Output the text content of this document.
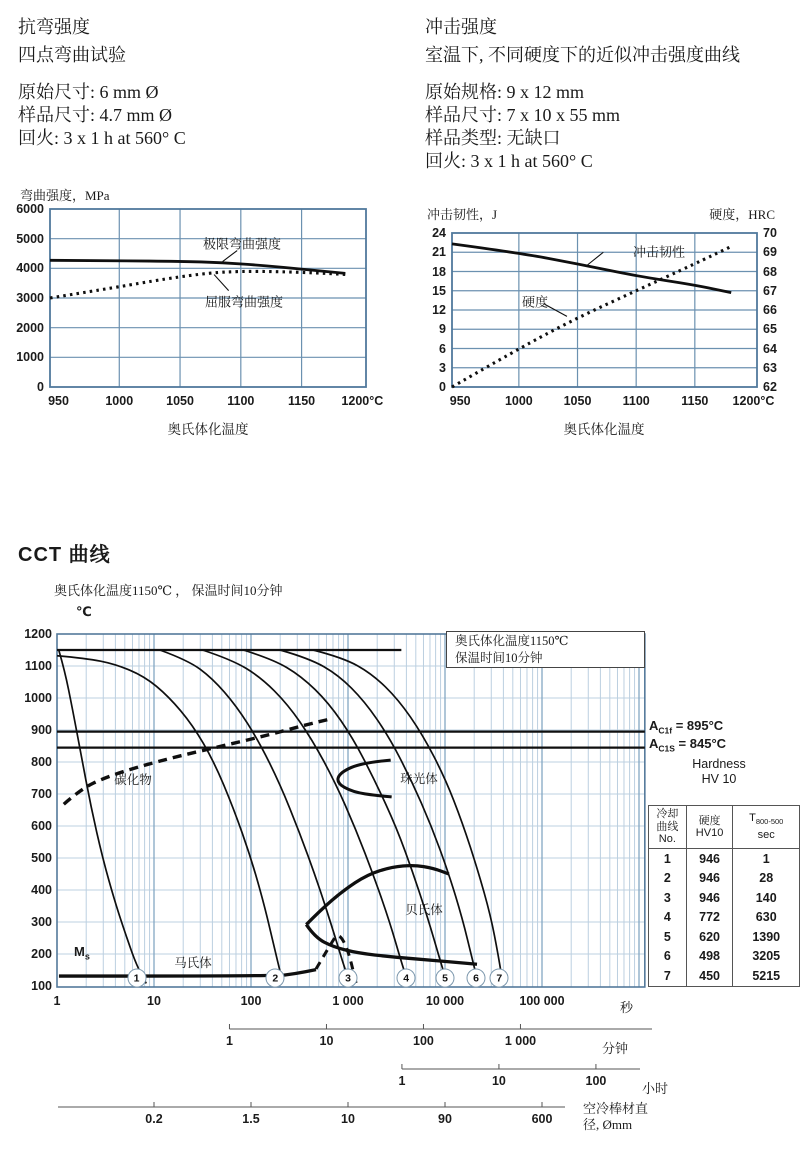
抗弯强度
四点弯曲试验
原始尺寸: 6 mm Ø
样品尺寸: 4.7 mm Ø
回火: 3 x 1 h at 560° C
冲击强度
室温下, 不同硬度下的近似冲击强度曲线
原始规格: 9 x 12 mm
样品尺寸: 7 x 10 x 55 mm
样品类型: 无缺口
回火: 3 x 1 h at 560° C
弯曲强度，MPa
奥氏体化温度
极限弯曲强度
屈服弯曲强度
冲击韧性，J	硬度，HRC
奥氏体化温度
冲击韧性
硬度
CCT 曲线
奥氏体化温度1150℃ ， 保温时间10分钟
℃
奥氏体化温度1150℃
保温时间10分钟
$A_{C1f} = 895^\circ C$
$A_{C1S} = 845^\circ C$
Hardness
HV 10
冷却
曲线
No.

硬度
HV10

$T_{800-500}$
sec

1	946	1
2	946	28
3	946	140
4	772	630
5	620	1390
6	498	3205
7	450	5215
碳化物	珠光体
贝氏体
马氏体
$M_s$
秒
分钟
小时
空冷棒材直
径, Ømm
0
1000
2000
3000
4000
5000
6000
950	1000	1050	1100	1150 1200°C
0
3
6
9
12
15
18
21
24
62
63
64
65
66
67
68
69
70
950	1000 1050 1100	1150 1200°C
1200
1100
1000
900
800
700
600
500
400
300
200
100
1	10	100	1 000	10 000	100 000
1	2	3	4	5	6	7
1	10	100	1 000
1	10	100
0.2	1.5	10	90	600
